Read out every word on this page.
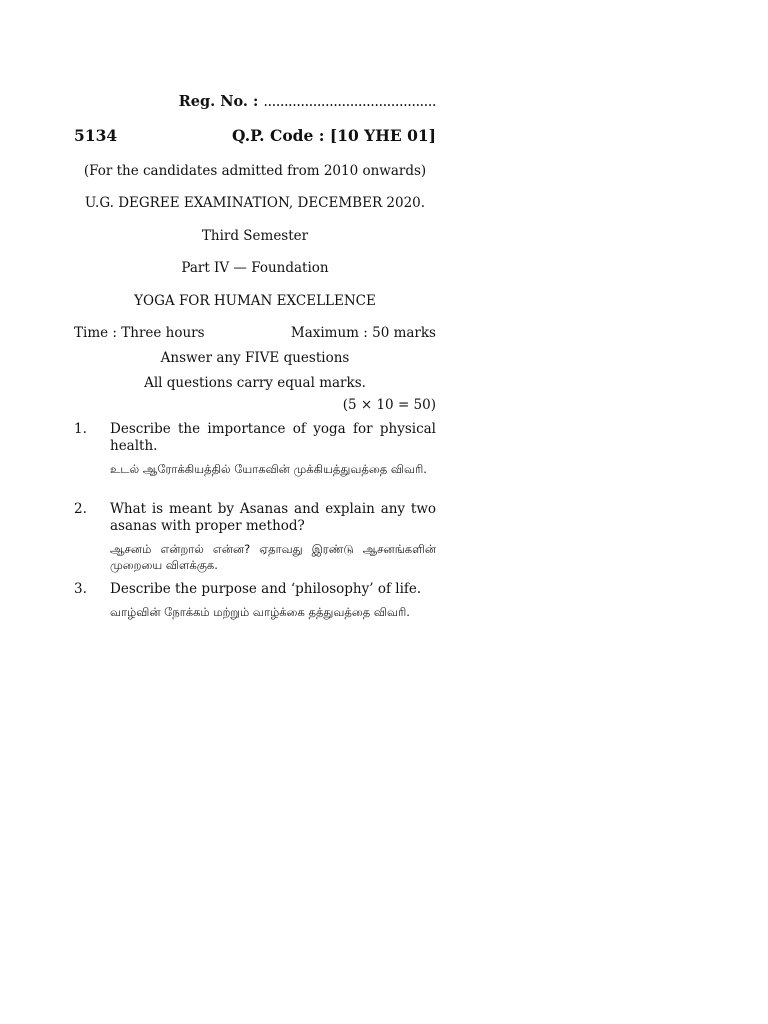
Reg. No. : ..........................................
5134	Q.P. Code : [10 YHE 01]
(For the candidates admitted from 2010 onwards)
U.G. DEGREE EXAMINATION, DECEMBER 2020.
Third Semester
Part IV — Foundation
YOGA FOR HUMAN EXCELLENCE
Time : Three hours	Maximum : 50 marks
Answer any FIVE questions
All questions carry equal marks.
(5 × 10 = 50)
1. Describe the importance of yoga for physical health.
உடல் ஆரோக்கியத்தில் யோகவின் முக்கியத்துவத்தை விவரி.
2. What is meant by Asanas and explain any two asanas with proper method?
ஆசனம் என்றால் என்ன? ஏதாவது இரண்டு ஆசனங்களின் முறையை விளக்குக.
3. Describe the purpose and ‘philosophy’ of life.
வாழ்வின் நோக்கம் மற்றும் வாழ்க்கை தத்துவத்தை விவரி.
